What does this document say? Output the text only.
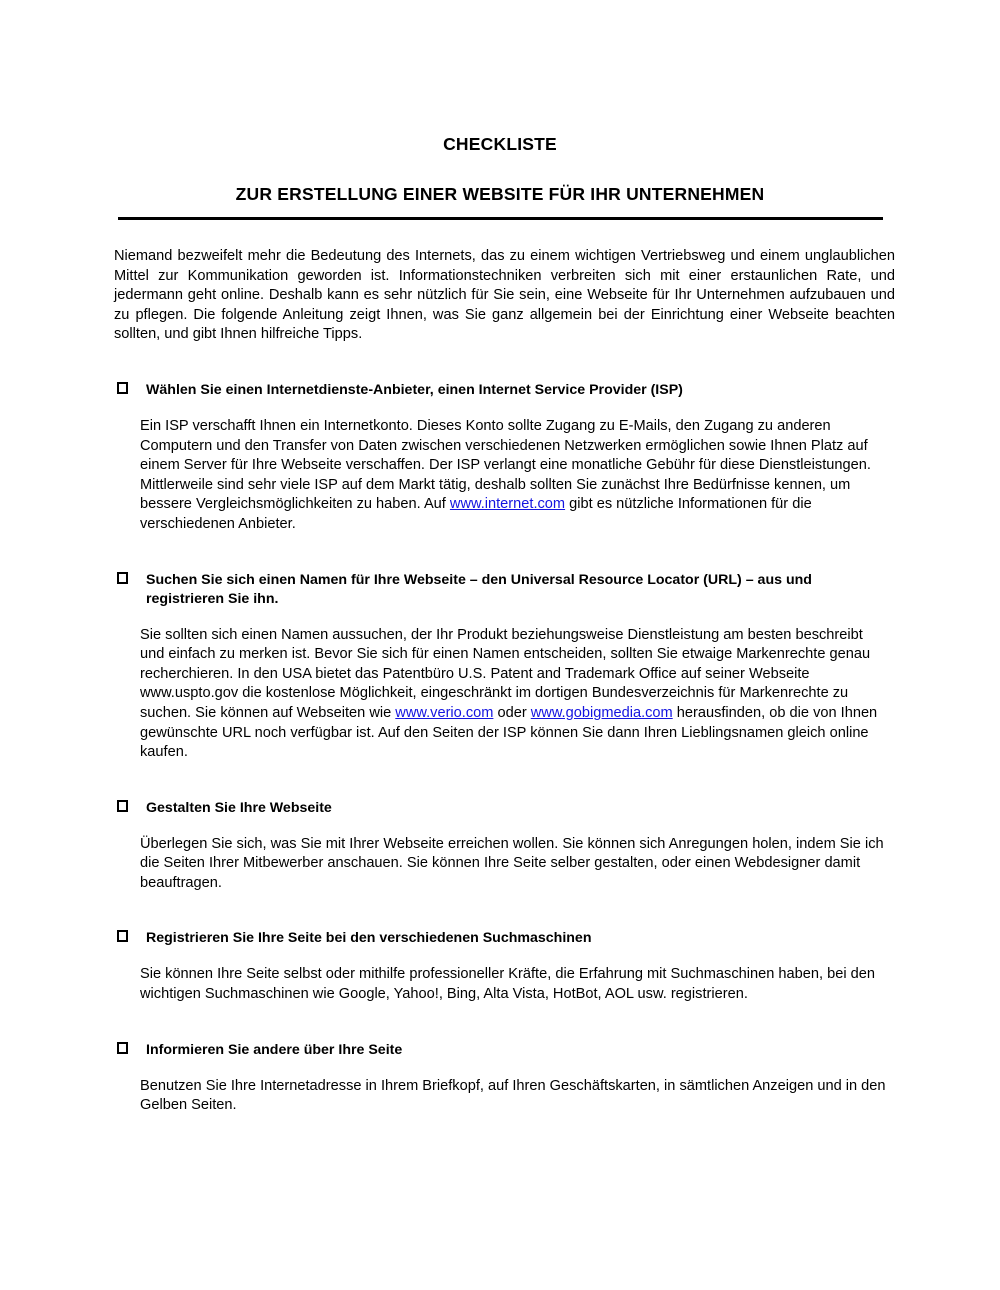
CHECKLISTE
ZUR ERSTELLUNG EINER WEBSITE FÜR IHR UNTERNEHMEN

Niemand bezweifelt mehr die Bedeutung des Internets, das zu einem wichtigen Vertriebsweg und einem unglaublichen Mittel zur Kommunikation geworden ist. Informationstechniken verbreiten sich mit einer erstaunlichen Rate, und jedermann geht online. Deshalb kann es sehr nützlich für Sie sein, eine Webseite für Ihr Unternehmen aufzubauen und zu pflegen. Die folgende Anleitung zeigt Ihnen, was Sie ganz allgemein bei der Einrichtung einer Webseite beachten sollten, und gibt Ihnen hilfreiche Tipps.

Wählen Sie einen Internetdienste-Anbieter, einen Internet Service Provider (ISP)
Ein ISP verschafft Ihnen ein Internetkonto. Dieses Konto sollte Zugang zu E-Mails, den Zugang zu anderen Computern und den Transfer von Daten zwischen verschiedenen Netzwerken ermöglichen sowie Ihnen Platz auf einem Server für Ihre Webseite verschaffen. Der ISP verlangt eine monatliche Gebühr für diese Dienstleistungen. Mittlerweile sind sehr viele ISP auf dem Markt tätig, deshalb sollten Sie zunächst Ihre Bedürfnisse kennen, um bessere Vergleichsmöglichkeiten zu haben. Auf www.internet.com gibt es nützliche Informationen für die verschiedenen Anbieter.
Suchen Sie sich einen Namen für Ihre Webseite – den Universal Resource Locator (URL) – aus und registrieren Sie ihn.
Sie sollten sich einen Namen aussuchen, der Ihr Produkt beziehungsweise Dienstleistung am besten beschreibt und einfach zu merken ist. Bevor Sie sich für einen Namen entscheiden, sollten Sie etwaige Markenrechte genau recherchieren. In den USA bietet das Patentbüro U.S. Patent and Trademark Office auf seiner Webseite www.uspto.gov die kostenlose Möglichkeit, eingeschränkt im dortigen Bundesverzeichnis für Markenrechte zu suchen. Sie können auf Webseiten wie www.verio.com oder www.gobigmedia.com herausfinden, ob die von Ihnen gewünschte URL noch verfügbar ist. Auf den Seiten der ISP können Sie dann Ihren Lieblingsnamen gleich online kaufen.
Gestalten Sie Ihre Webseite
Überlegen Sie sich, was Sie mit Ihrer Webseite erreichen wollen. Sie können sich Anregungen holen, indem Sie ich die Seiten Ihrer Mitbewerber anschauen. Sie können Ihre Seite selber gestalten, oder einen Webdesigner damit beauftragen.
Registrieren Sie Ihre Seite bei den verschiedenen Suchmaschinen
Sie können Ihre Seite selbst oder mithilfe professioneller Kräfte, die Erfahrung mit Suchmaschinen haben, bei den wichtigen Suchmaschinen wie Google, Yahoo!, Bing, Alta Vista, HotBot, AOL usw. registrieren.
Informieren Sie andere über Ihre Seite
Benutzen Sie Ihre Internetadresse in Ihrem Briefkopf, auf Ihren Geschäftskarten, in sämtlichen Anzeigen und in den Gelben Seiten.
